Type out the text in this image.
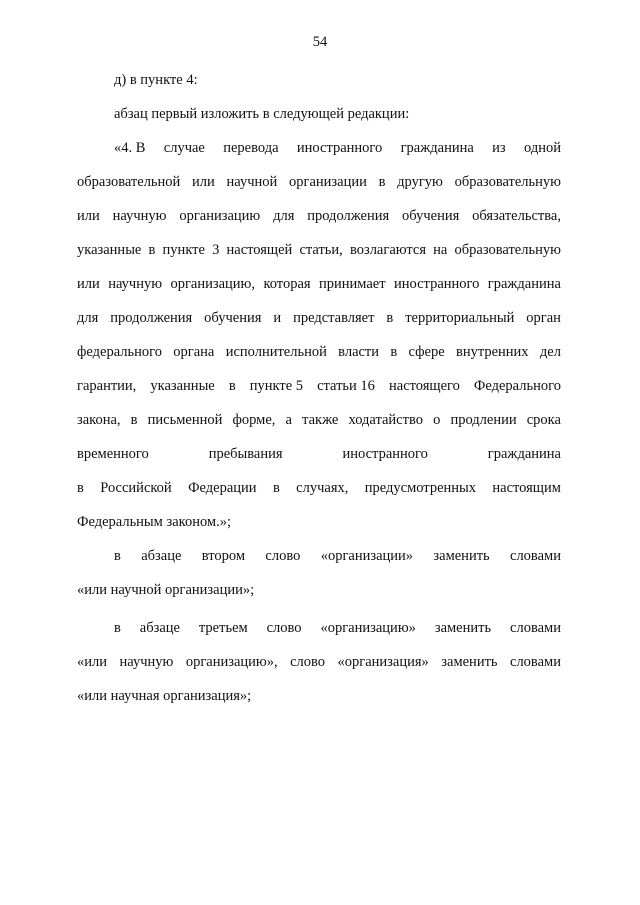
54
д) в пункте 4:
абзац первый изложить в следующей редакции:
«4. В случае перевода иностранного гражданина из одной
образовательной или научной организации в другую образовательную
или научную организацию для продолжения обучения обязательства,
указанные в пункте 3 настоящей статьи, возлагаются на образовательную
или научную организацию, которая принимает иностранного гражданина
для продолжения обучения и представляет в территориальный орган
федерального органа исполнительной власти в сфере внутренних дел
гарантии, указанные в пункте 5 статьи 16 настоящего Федерального
закона, в письменной форме, а также ходатайство о продлении срока
временного	пребывания	иностранного	гражданина
в Российской Федерации в случаях, предусмотренных настоящим
Федеральным законом.»;
в абзаце втором слово «организации» заменить словами
«или научной организации»;
в абзаце третьем слово «организацию» заменить словами
«или научную организацию», слово «организация» заменить словами
«или научная организация»;
